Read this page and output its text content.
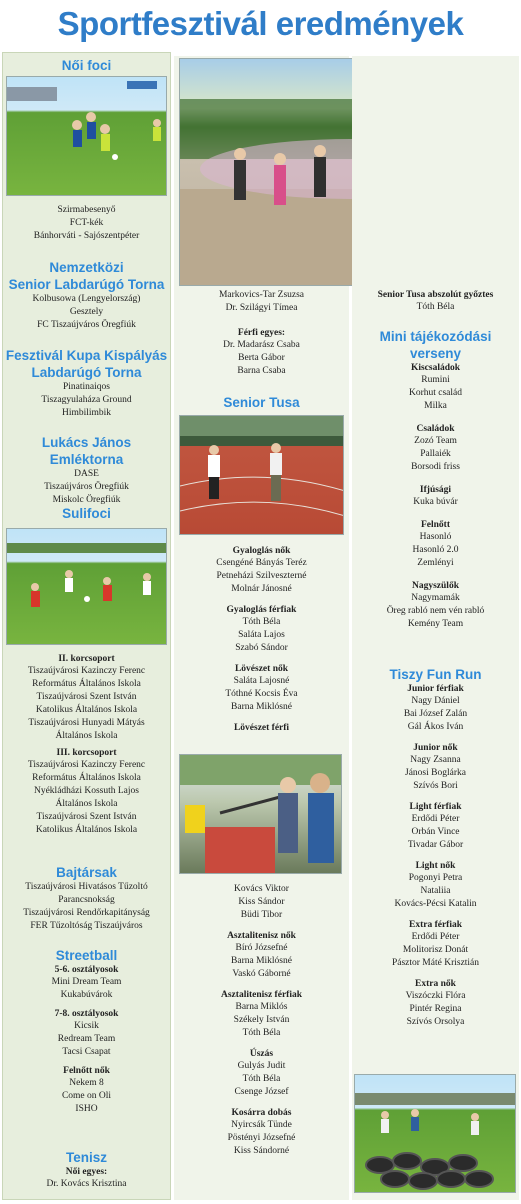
Sportfesztivál eredmények

Női foci

Szirmabesenyő

FCT-kék

Bánhorváti - Sajószentpéter

Nemzetközi

Senior Labdarúgó Torna

Kolbusowa (Lengyelország)

Gesztely

FC Tiszaújváros Öregfiúk

Fesztivál Kupa Kispályás

Labdarúgó Torna

Pinatinaiqos

Tiszagyulaháza Ground

Himbilimbik

Lukács János Emléktorna

DASE

Tiszaújváros Öregfiúk

Miskolc Öregfiúk

Sulifoci

II. korcsoport

Tiszaújvárosi Kazinczy Ferenc

Református Általános Iskola

Tiszaújvárosi Szent István

Katolikus Általános Iskola

Tiszaújvárosi Hunyadi Mátyás

Általános Iskola

III. korcsoport

Tiszaújvárosi Kazinczy Ferenc

Református Általános Iskola

Nyékládházi Kossuth Lajos

Általános Iskola

Tiszaújvárosi Szent István

Katolikus Általános Iskola

Bajtársak

Tiszaújvárosi Hivatásos Tűzoltó

Parancsnokság

Tiszaújvárosi Rendőrkapitányság

FER Tűzoltóság Tiszaújváros

Streetball

5-6. osztályosok

Mini Dream Team

Kukabúvárok

7-8. osztályosok

Kicsik

Redream Team

Tacsi Csapat

Felnőtt nők

Nekem 8

Come on Oli

ISHO

Tenisz

Női egyes:

Dr. Kovács Krisztina

Markovics-Tar Zsuzsa

Dr. Szilágyi Tímea

Férfi egyes:

Dr. Madarász Csaba

Berta Gábor

Barna Csaba

Senior Tusa

Gyaloglás nők

Csengéné Bányás Teréz

Petneházi Szilveszterné

Molnár Jánosné

Gyaloglás férfiak

Tóth Béla

Saláta Lajos

Szabó Sándor

Lövészet nők

Saláta Lajosné

Tóthné Kocsis Éva

Barna Miklósné

Lövészet férfi

Kovács Viktor

Kiss Sándor

Büdi Tibor

Asztalitenisz nők

Bíró Józsefné

Barna Miklósné

Vaskó Gáborné

Asztalitenisz férfiak

Barna Miklós

Székely István

Tóth Béla

Úszás

Gulyás Judit

Tóth Béla

Csenge József

Kosárra dobás

Nyircsák Tünde

Pöstényi Józsefné

Kiss Sándorné

Senior Tusa abszolút győztes

Tóth Béla

Mini tájékozódási

verseny

Kiscsaládok

Rumini

Korhut család

Milka

Családok

Zozó Team

Pallaiék

Borsodi friss

Ifjúsági

Kuka búvár

Felnőtt

Hasonló

Hasonló 2.0

Zemlényi

Nagyszülők

Nagymamák

Öreg rabló nem vén rabló

Kemény Team

Tiszy Fun Run

Junior férfiak

Nagy Dániel

Bai József Zalán

Gál Ákos Iván

Junior nők

Nagy Zsanna

Jánosi Boglárka

Szívós Bori

Light férfiak

Erdődi Péter

Orbán Vince

Tivadar Gábor

Light nők

Pogonyi Petra

Nataliia

Kovács-Pécsi Katalin

Extra férfiak

Erdődi Péter

Molitorisz Donát

Pásztor Máté Krisztián

Extra nők

Viszóczki Flóra

Pintér Regina

Szívós Orsolya
